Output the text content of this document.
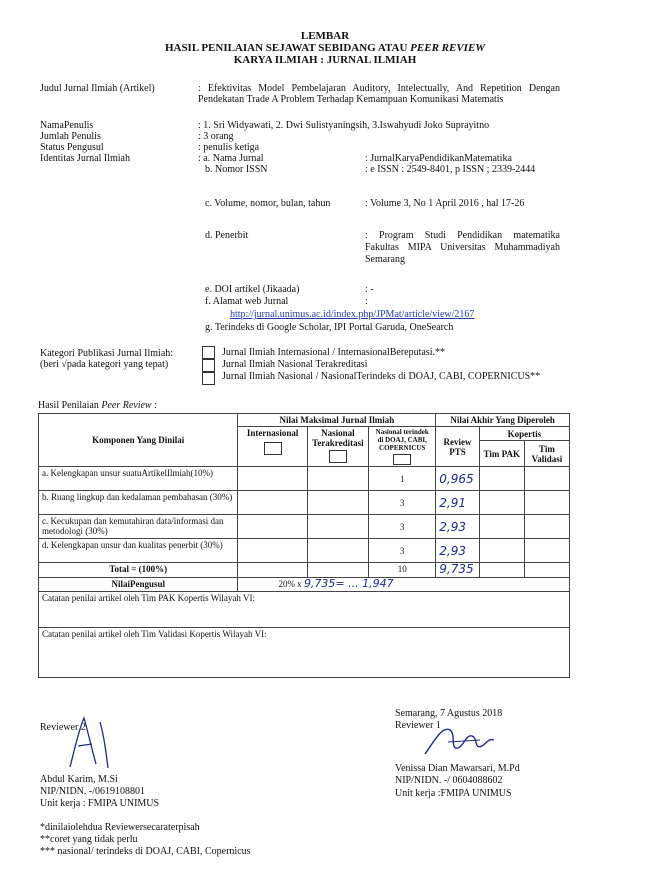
LEMBAR
HASIL PENILAIAN SEJAWAT SEBIDANG ATAU PEER REVIEW
KARYA ILMIAH : JURNAL ILMIAH
Judul Jurnal Ilmiah (Artikel)	: Efektivitas Model Pembelajaran Auditory, Intelectually, And Repetition Dengan Pendekatan Trade A Problem Terhadap Kemampuan Komunikasi Matematis
NamaPenulis	: 1. Sri Widyawati, 2. Dwi Sulistyaningsih, 3.Iswahyudi Joko Suprayitno
Jumlah Penulis	: 3 orang
Status Pengusul	: penulis ketiga
Identitas Jurnal Ilmiah	: a. Nama Jurnal	: JurnalKaryaPendidikanMatematika
b. Nomor ISSN	: e ISSN : 2549-8401, p ISSN ; 2339-2444
c. Volume, nomor, bulan, tahun	: Volume 3, No 1 April 2016 , hal 17-26
d. Penerbit	: Program Studi Pendidikan matematika Fakultas MIPA Universitas Muhammadiyah Semarang
e. DOI artikel (Jikaada)	: -
f. Alamat web Jurnal	:
http://jurnal.unimus.ac.id/index.php/JPMat/article/view/2167
g. Terindeks di Google Scholar, IPI Portal Garuda, OneSearch
Kategori Publikasi Jurnal Ilmiah:
(beri √pada kategori yang tepat)
Jurnal Ilmiah Internasional / InternasionalBereputasi.**
Jurnal Ilmiah Nasional Terakreditasi
Jurnal Ilmiah Nasional / NasionalTerindeks di DOAJ, CABI, COPERNICUS**
Hasil Penilaian Peer Review :
Komponen Yang Dinilai	Nilai Maksimal Jurnal Ilmiah			Nilai Akhir Yang Diperoleh		

	Internasional	Nasional Terakreditasi	Nasional terindek di DOAJ, CABI, COPERNICUS	Review PTS	Kopertis	
					Tim PAK	Tim Validasi
a. Kelengkapan unsur suatuArtikelIlmiah(10%)			1	0,965		
b. Ruang lingkup dan kedalaman pembahasan (30%)			3	2,91		
c. Kecukupan dan kemutahiran data/informasi dan metodologi (30%)			3	2,93		
d. Kelengkapan unsur dan kualitas penerbit (30%)			3	2,93		
Total = (100%)			10	9,735		
NilaiPengusul	20% x 9,735= ... 1,947					
Catatan penilai artikel oleh Tim PAK Kopertis Wilayah VI:						
Catatan penilai artikel oleh Tim Validasi Kopertis Wilayah VI:						
Semarang, 7 Agustus 2018
Reviewer 1
Reviewer 2
Abdul Karim, M.Si
NIP/NIDN. -/0619108801
Unit kerja : FMIPA UNIMUS
Venissa Dian Mawarsari, M.Pd
NIP/NIDN. -/ 0604088602
Unit kerja :FMIPA UNIMUS
*dinilaiolehdua Reviewersecaraterpisah
**coret yang tidak perlu
*** nasional/ terindeks di DOAJ, CABI, Copernicus
